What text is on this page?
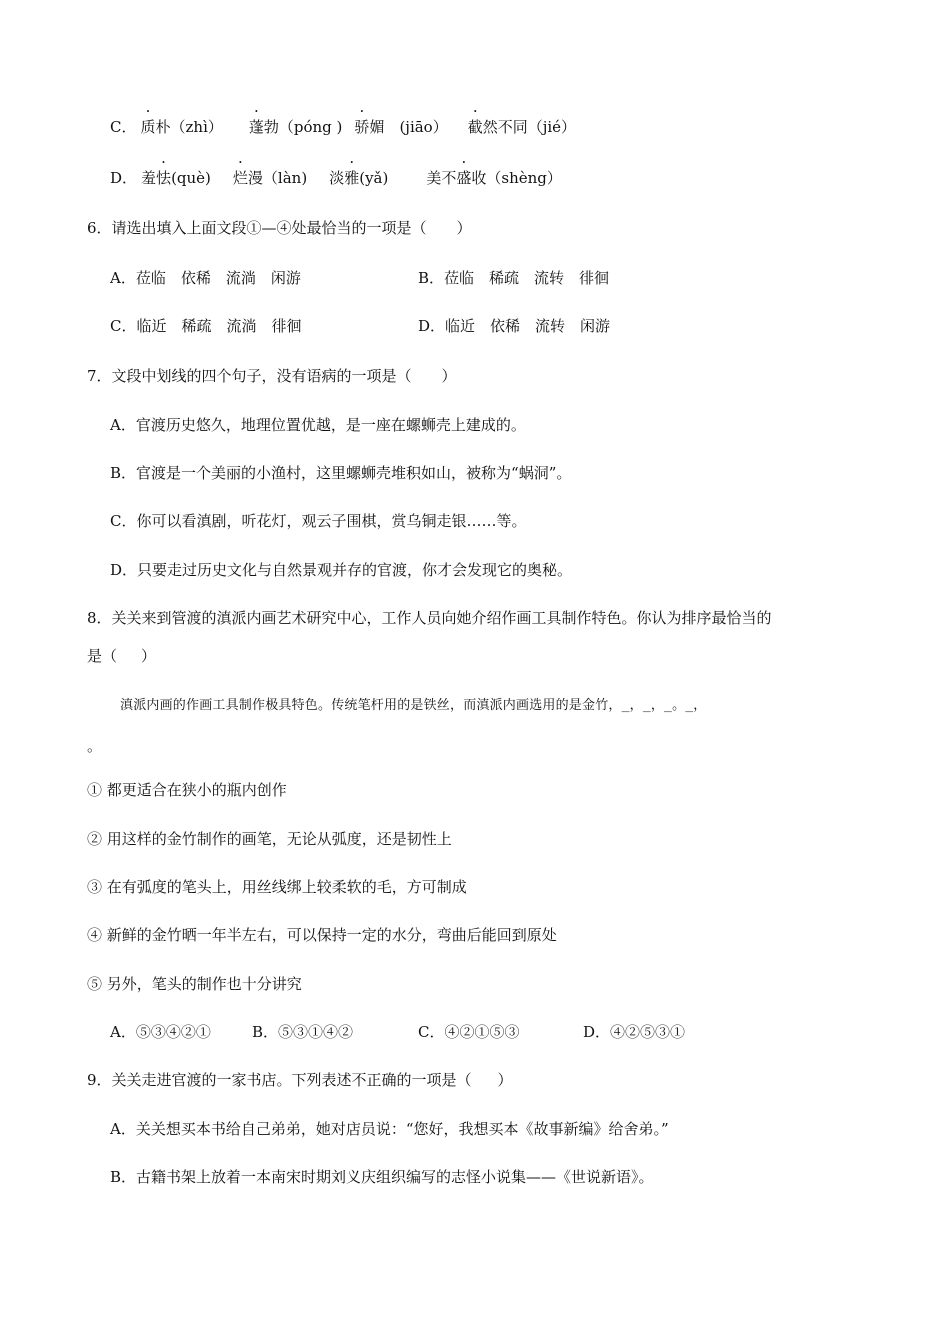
C． 质朴（zhì） 蓬勃（póng ) 骄媚　(jiāo） 截然不同（jié）
D． 羞怯(què) 烂漫（làn) 淡雅(yǎ)	美不盛收（shèng）
6．请选出填入上面文段①—④处最恰当的一项是（ ）
A．莅临　依稀　流淌　闲游	B．莅临　稀疏　流转　徘徊
C．临近　稀疏　流淌　徘徊	D．临近　依稀　流转　闲游
7．文段中划线的四个句子，没有语病的一项是（ ）
A．官渡历史悠久，地理位置优越，是一座在螺蛳壳上建成的。
B．官渡是一个美丽的小渔村，这里螺蛳壳堆积如山，被称为“蜗洞”。
C．你可以看滇剧，听花灯，观云子围棋，赏乌铜走银……等。
D．只要走过历史文化与自然景观并存的官渡，你才会发现它的奥秘。
8．关关来到管渡的滇派内画艺术研究中心，工作人员向她介绍作画工具制作特色。你认为排序最恰当的
是（ ）
滇派内画的作画工具制作极具特色。传统笔杆用的是铁丝，而滇派内画选用的是金竹，_，_，_。_，
。
① 都更适合在狭小的瓶内创作
② 用这样的金竹制作的画笔，无论从弧度，还是韧性上
③ 在有弧度的笔头上，用丝线绑上较柔软的毛，方可制成
④ 新鲜的金竹晒一年半左右，可以保持一定的水分，弯曲后能回到原处
⑤ 另外，笔头的制作也十分讲究
A．⑤③④②①	B．⑤③①④②	C．④②①⑤③	D．④②⑤③①
9．关关走进官渡的一家书店。下列表述不正确的一项是（ ）
A．关关想买本书给自己弟弟，她对店员说：“您好，我想买本《故事新编》给舍弟。”
B．古籍书架上放着一本南宋时期刘义庆组织编写的志怪小说集——《世说新语》。
